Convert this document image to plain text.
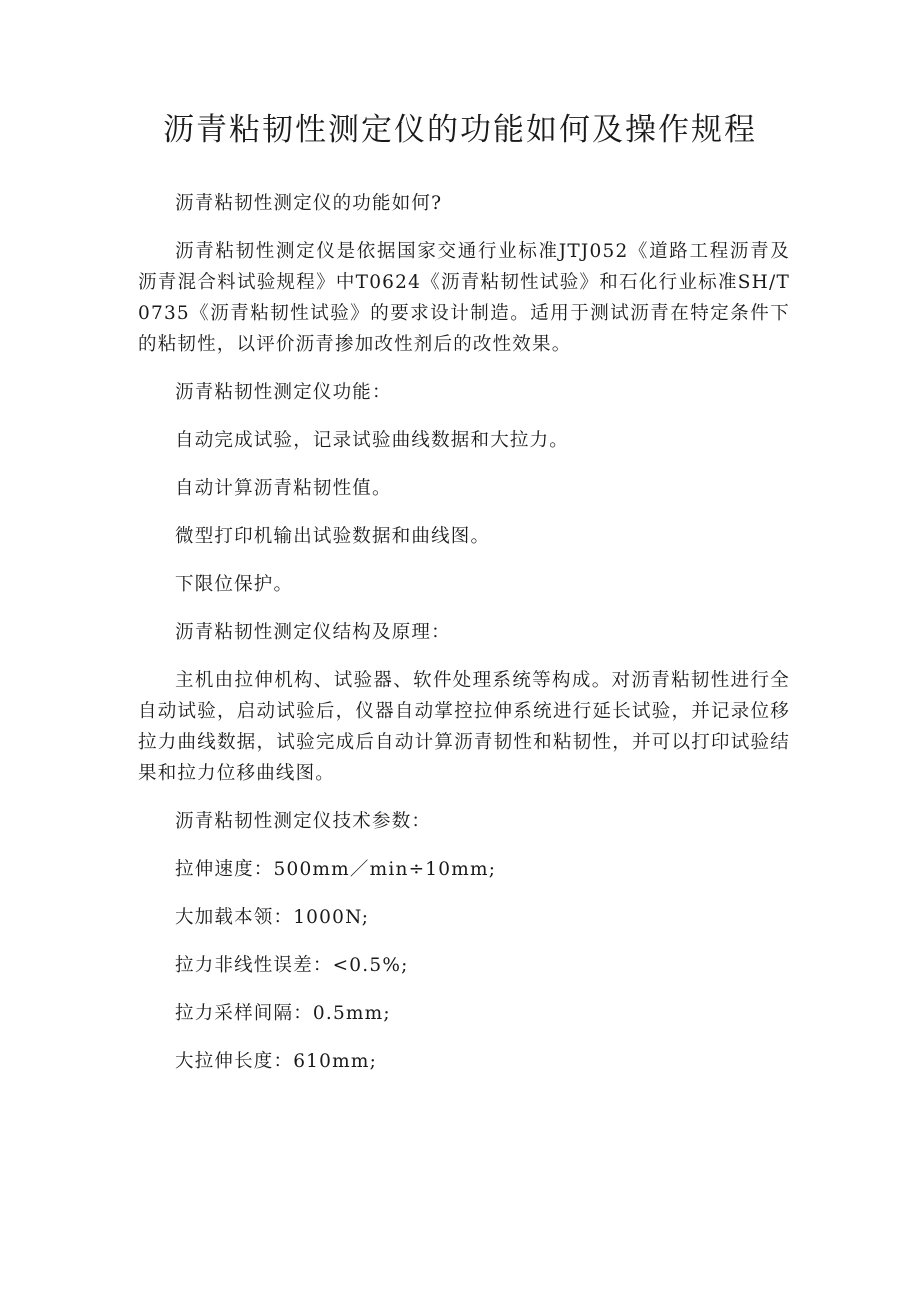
沥青粘韧性测定仪的功能如何及操作规程

沥青粘韧性测定仪的功能如何?

沥青粘韧性测定仪是依据国家交通行业标准JTJ052《道路工程沥青及沥青混合料试验规程》中T0624《沥青粘韧性试验》和石化行业标准SH/T0735《沥青粘韧性试验》的要求设计制造。适用于测试沥青在特定条件下的粘韧性，以评价沥青掺加改性剂后的改性效果。

沥青粘韧性测定仪功能：

自动完成试验，记录试验曲线数据和大拉力。

自动计算沥青粘韧性值。

微型打印机输出试验数据和曲线图。

下限位保护。

沥青粘韧性测定仪结构及原理：

主机由拉伸机构、试验器、软件处理系统等构成。对沥青粘韧性进行全自动试验，启动试验后，仪器自动掌控拉伸系统进行延长试验，并记录位移拉力曲线数据，试验完成后自动计算沥青韧性和粘韧性，并可以打印试验结果和拉力位移曲线图。

沥青粘韧性测定仪技术参数：

拉伸速度：500mm／min÷10mm;

大加载本领：1000N;

拉力非线性误差：<0.5%;

拉力采样间隔：0.5mm;

大拉伸长度：610mm;
